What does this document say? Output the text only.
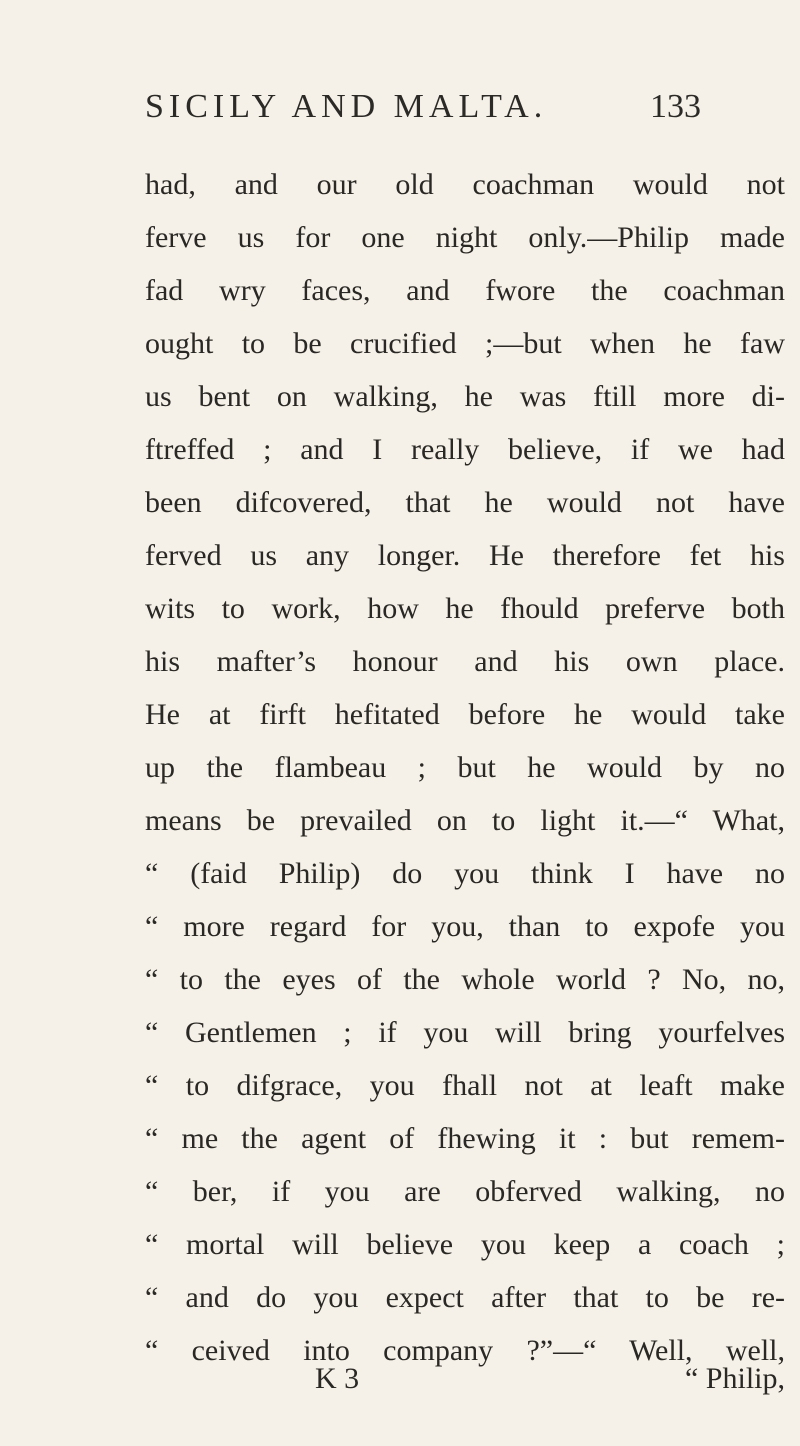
SICILY AND MALTA.	133
had, and our old coachman would not
ferve us for one night only.—Philip made
fad wry faces, and fwore the coachman
ought to be crucified ;—but when he faw
us bent on walking, he was ftill more di-
ftreffed ; and I really believe, if we had
been difcovered, that he would not have
ferved us any longer. He therefore fet his
wits to work, how he fhould preferve both
his mafter’s honour and his own place.
He at firft hefitated before he would take
up the flambeau ; but he would by no
means be prevailed on to light it.—“ What,
“ (faid Philip) do you think I have no
“ more regard for you, than to expofe you
“ to the eyes of the whole world ? No, no,
“ Gentlemen ; if you will bring yourfelves
“ to difgrace, you fhall not at leaft make
“ me the agent of fhewing it : but remem-
“ ber, if you are obferved walking, no
“ mortal will believe you keep a coach ;
“ and do you expect after that to be re-
“ ceived into company ?”—“ Well, well,
K 3	“ Philip,
